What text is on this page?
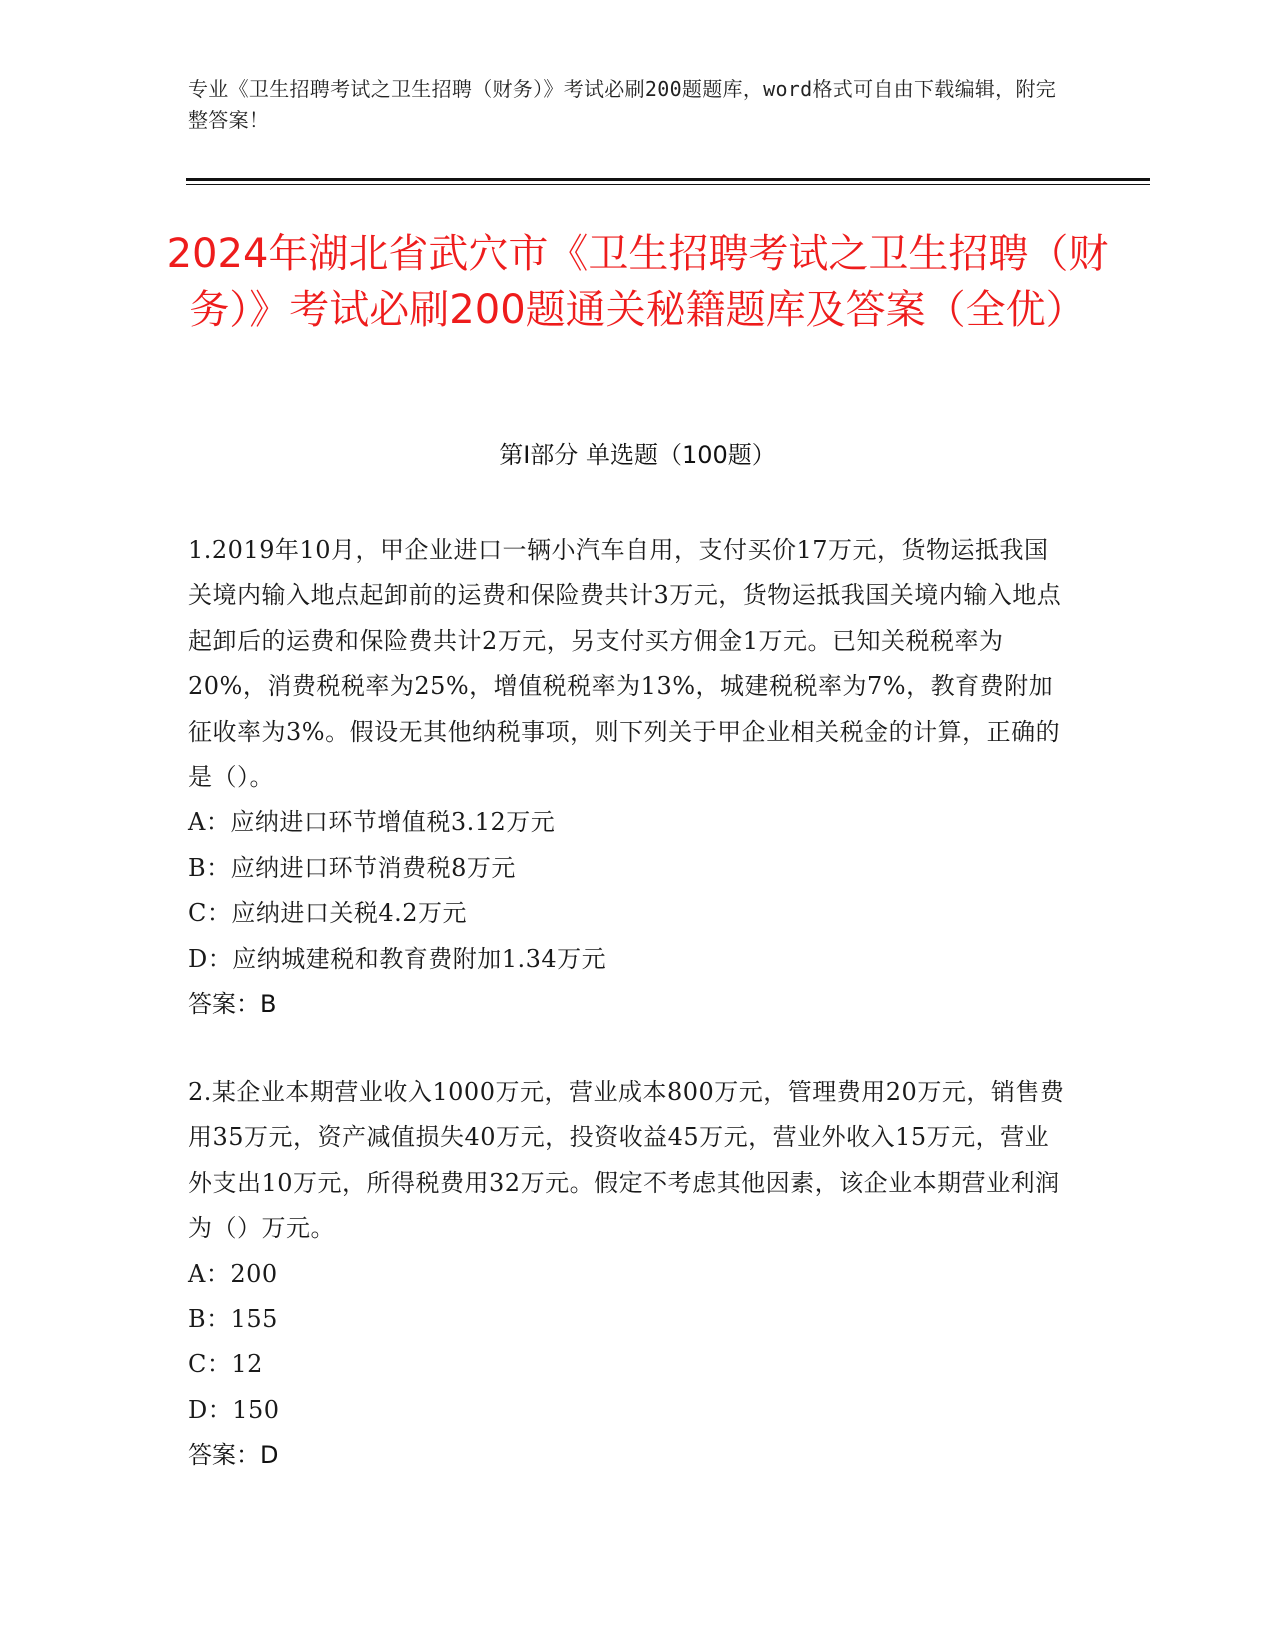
专业《卫生招聘考试之卫生招聘（财务）》考试必刷200题题库，word格式可自由下载编辑，附完整答案！
2024年湖北省武穴市《卫生招聘考试之卫生招聘（财务）》考试必刷200题通关秘籍题库及答案（全优）
第Ⅰ部分 单选题（100题）

1.2019年10月，甲企业进口一辆小汽车自用，支付买价17万元，货物运抵我国关境内输入地点起卸前的运费和保险费共计3万元，货物运抵我国关境内输入地点起卸后的运费和保险费共计2万元，另支付买方佣金1万元。已知关税税率为20%，消费税税率为25%，增值税税率为13%，城建税税率为7%，教育费附加征收率为3%。假设无其他纳税事项，则下列关于甲企业相关税金的计算，正确的是（）。

A：应纳进口环节增值税3.12万元

B：应纳进口环节消费税8万元

C：应纳进口关税4.2万元

D：应纳城建税和教育费附加1.34万元

答案：B

2.某企业本期营业收入1000万元，营业成本800万元，管理费用20万元，销售费用35万元，资产减值损失40万元，投资收益45万元，营业外收入15万元，营业外支出10万元，所得税费用32万元。假定不考虑其他因素，该企业本期营业利润为（）万元。

A：200

B：155

C：12

D：150

答案：D
